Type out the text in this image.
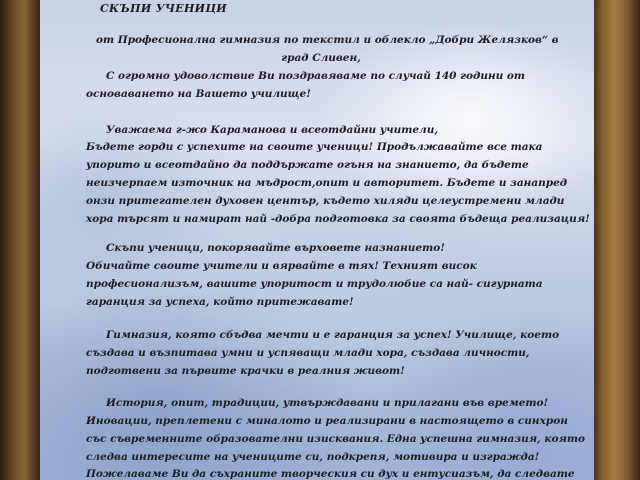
СКЪПИ УЧЕНИЦИ
от Професионална гимназия по текстил и облекло „Добри Желязков“ в
град Сливен,
С огромно удоволствие Ви поздравяваме по случай 140 години от
основаването на Вашето училище!
Уважаема г-жо Караманова и всеотдайни учители,
Бъдете горди с успехите на своите ученици! Продължавайте все така
упорито и всеотдайно да поддържате огъня на знанието, да бъдете
неизчерпаем източник на мъдрост,опит и авторитет. Бъдете и занапред
онзи притегателен духовен център, където хиляди целеустремени млади
хора търсят и намират най -добра подготовка за своята бъдеща реализация!
Скъпи ученици, покорявайте върховете назнанието!
Обичайте своите учители и вярвайте в тях! Техният висок
професионализъм, вашите упоритост и трудолюбие са най- сигурната
гаранция за успеха, който притежавате!
Гимназия, която сбъдва мечти и е гаранция за успех! Училище, което
създава и възпитава умни и успяващи млади хора, създава личности,
подготвени за първите крачки в реалния живот!
История, опит, традиции, утвърждавани и прилагани във времето!
Иновации, преплетени с миналото и реализирани в настоящето в синхрон
със съвременните образователни изисквания. Една успешна гимназия, която
следва интересите на учениците си, подкрепя, мотивира и изгражда!
Пожелаваме Ви да съхраните творческия си дух и ентусиазъм, да следвате
